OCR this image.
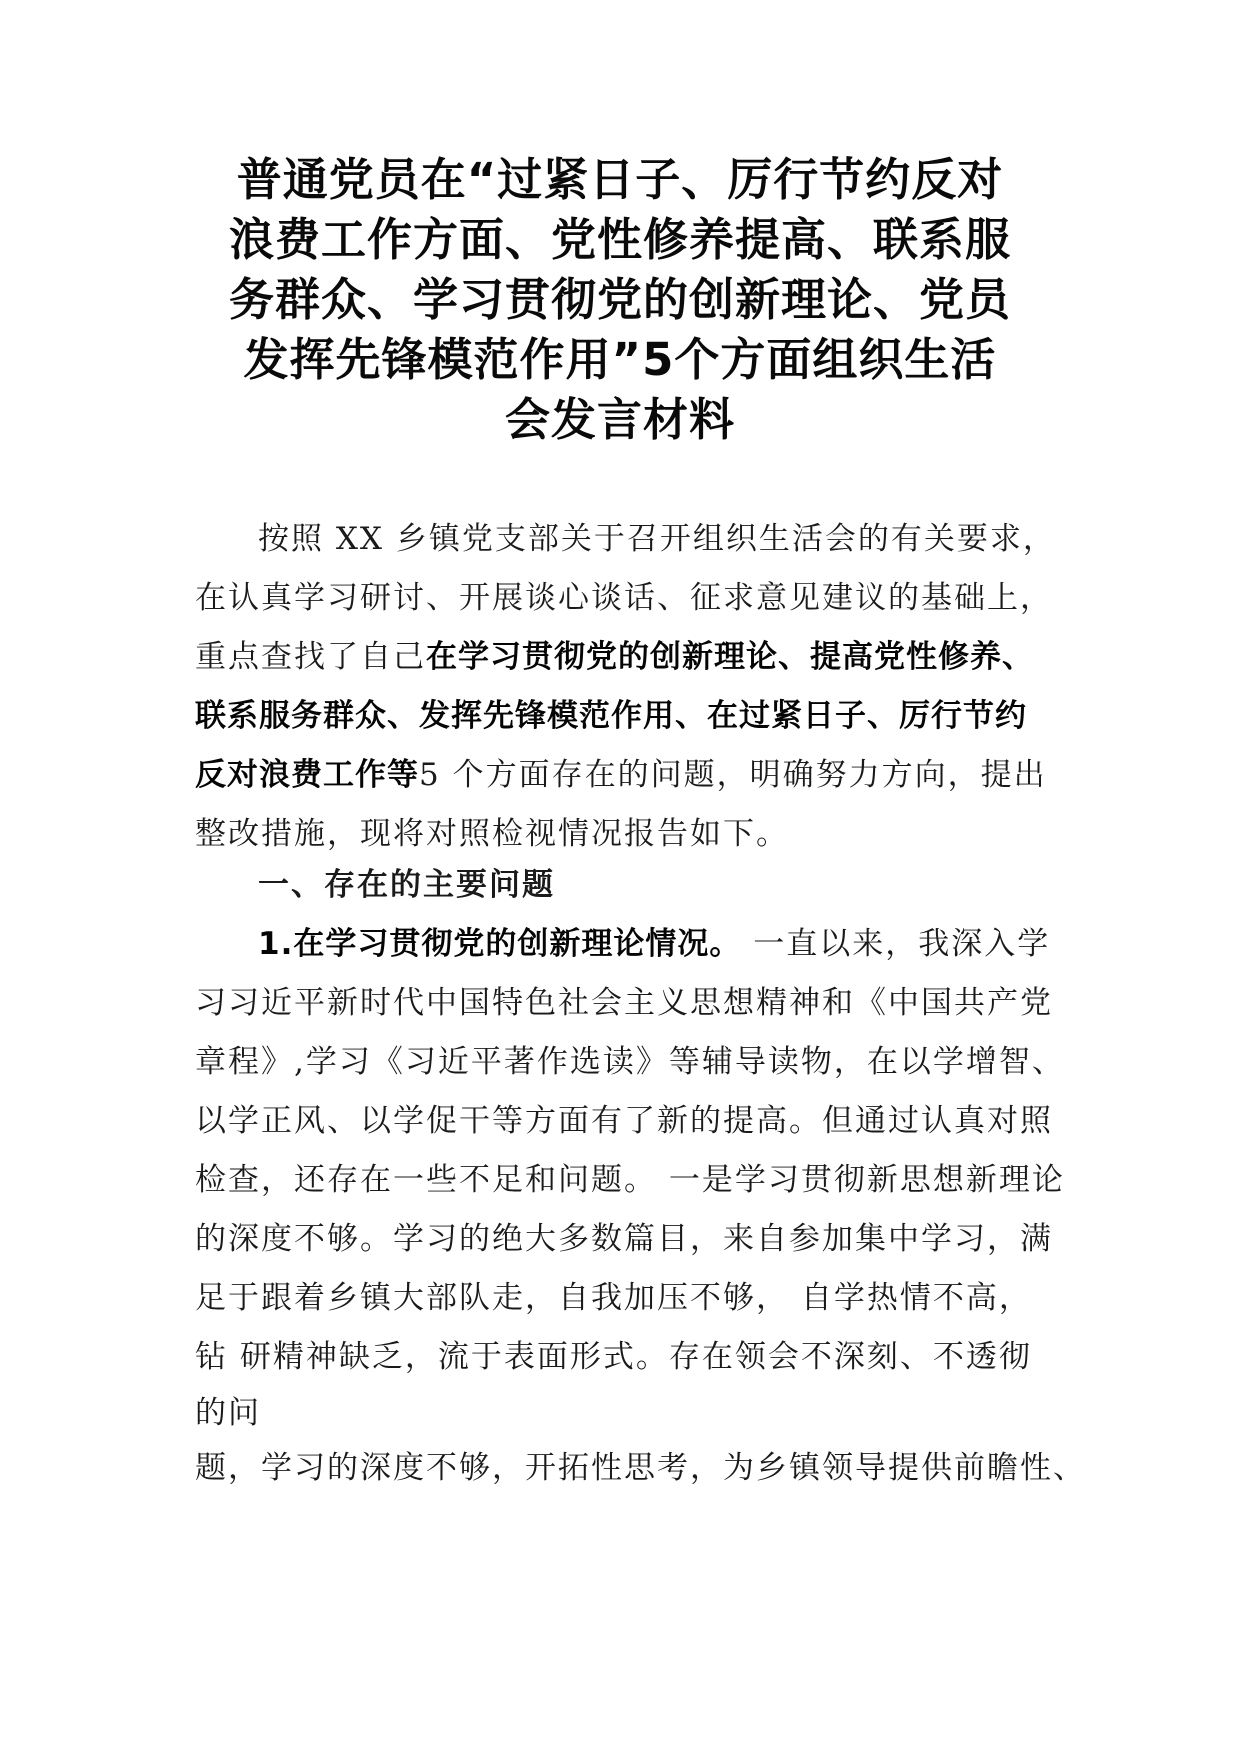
普通党员在“过紧日子、厉行节约反对
浪费工作方面、党性修养提高、联系服
务群众、学习贯彻党的创新理论、党员
发挥先锋模范作用”5个方面组织生活
会发言材料
按照 XX 乡镇党支部关于召开组织生活会的有关要求，
在认真学习研讨、开展谈心谈话、征求意见建议的基础上，
重点查找了自己在学习贯彻党的创新理论、提高党性修养、
联系服务群众、发挥先锋模范作用、在过紧日子、厉行节约
反对浪费工作等5 个方面存在的问题，明确努力方向，提出
整改措施，现将对照检视情况报告如下。
一、存在的主要问题
1.在学习贯彻党的创新理论情况。 一直以来，我深入学
习习近平新时代中国特色社会主义思想精神和《中国共产党
章程》,学习《习近平著作选读》等辅导读物，在以学增智、
以学正风、以学促干等方面有了新的提高。但通过认真对照
检查，还存在一些不足和问题。 一是学习贯彻新思想新理论
的深度不够。学习的绝大多数篇目，来自参加集中学习，满
足于跟着乡镇大部队走，自我加压不够， 自学热情不高，
钻 研精神缺乏，流于表面形式。存在领会不深刻、不透彻
的问
题，学习的深度不够，开拓性思考，为乡镇领导提供前瞻性、
